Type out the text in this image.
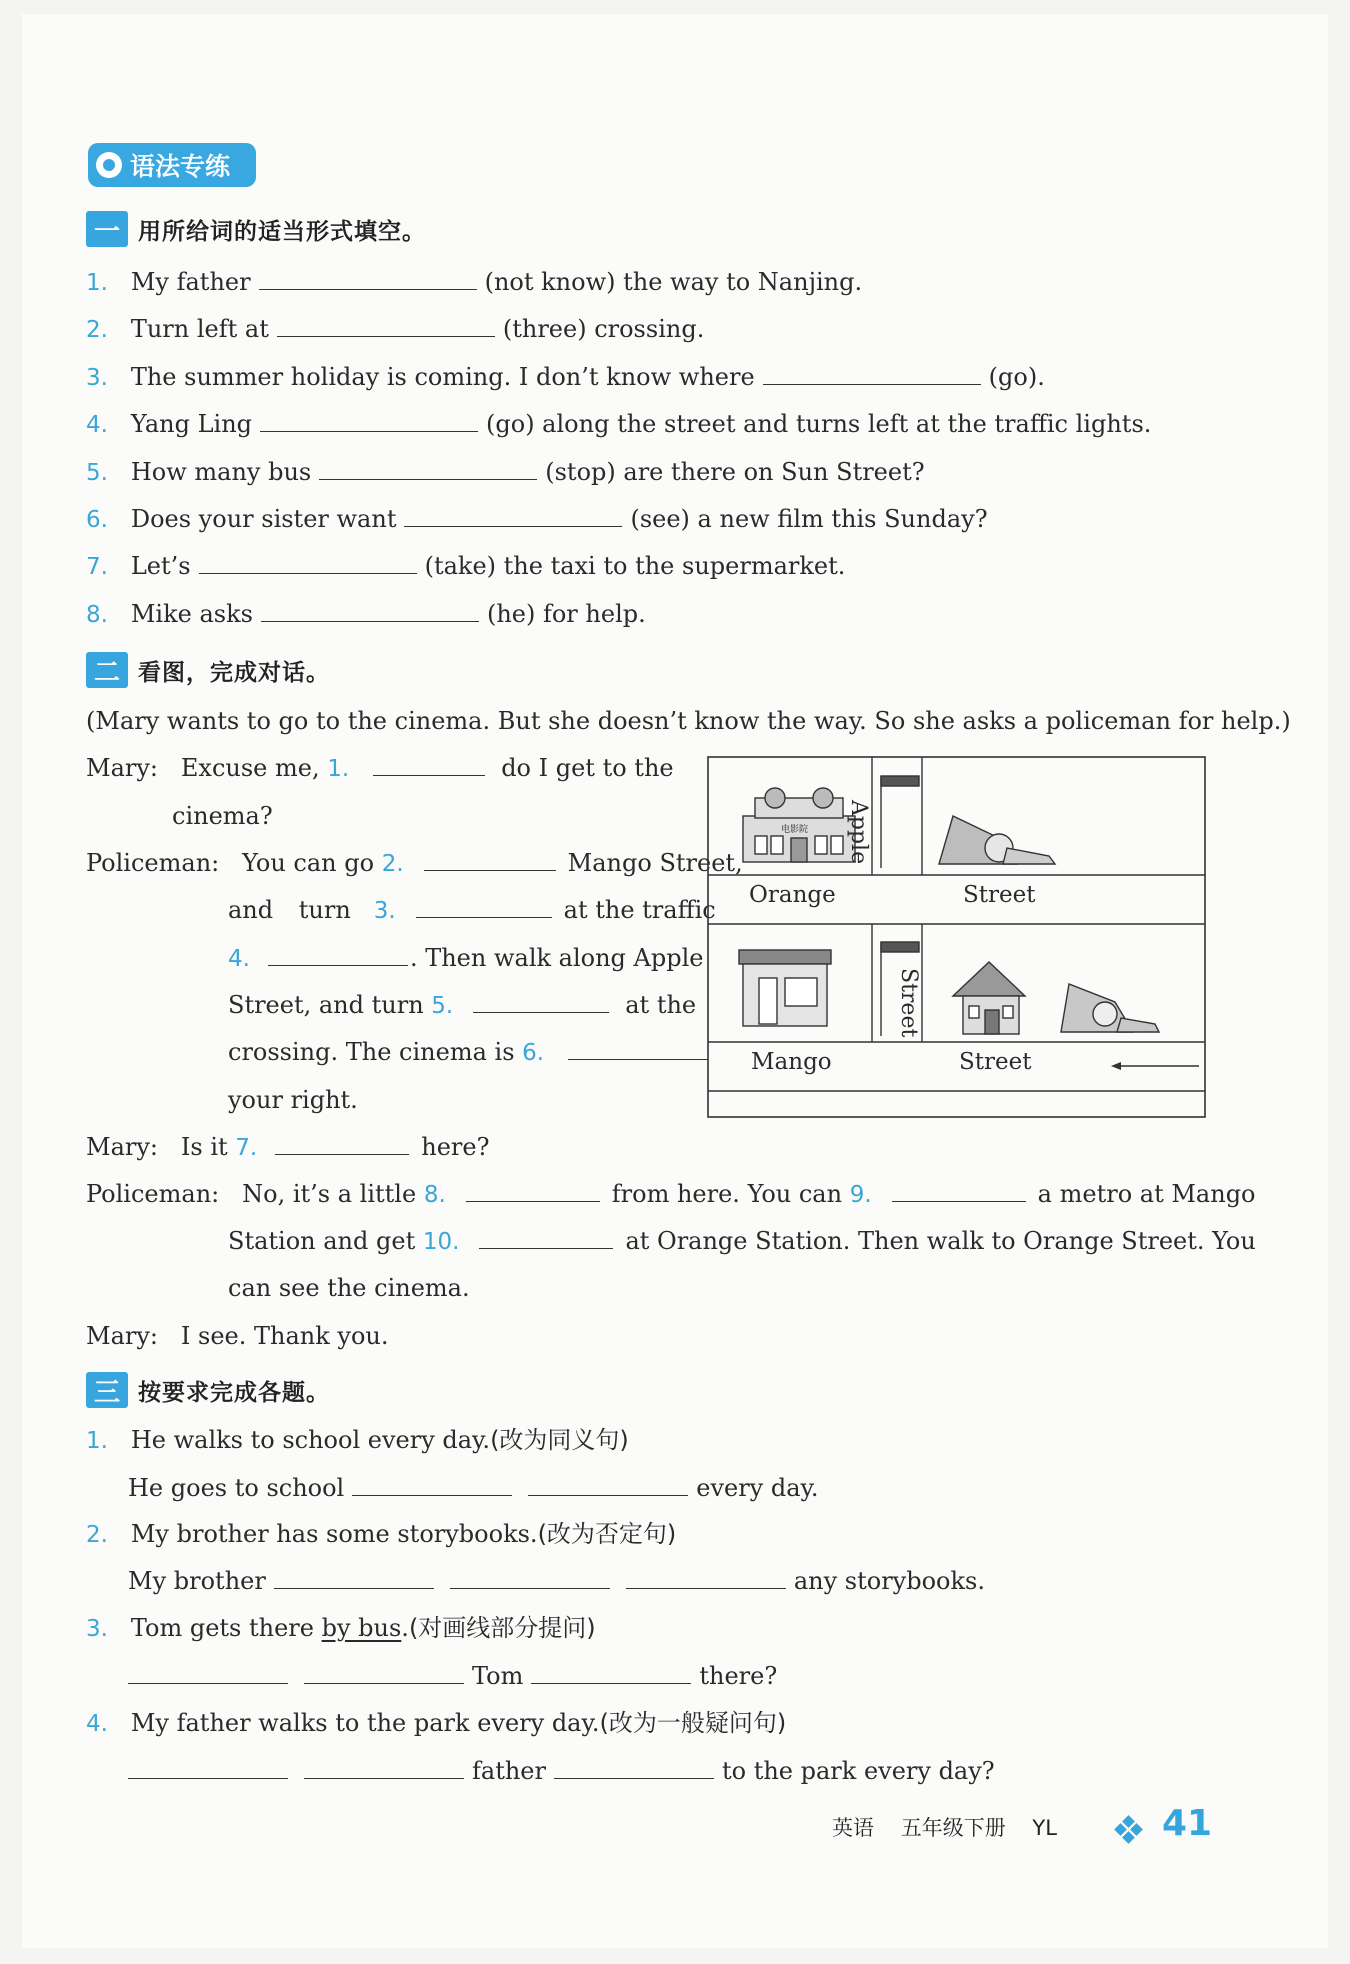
语法专练
一 用所给词的适当形式填空。
1. My father	(not know) the way to Nanjing.
2. Turn left at	(three) crossing.
3. The summer holiday is coming. I don’t know where	(go).
4. Yang Ling	(go) along the street and turns left at the traffic lights.
5. How many bus	(stop) are there on Sun Street?
6. Does your sister want	(see) a new film this Sunday?
7. Let’s	(take) the taxi to the supermarket.
8. Mike asks	(he) for help.
二 看图，完成对话。
(Mary wants to go to the cinema. But she doesn’t know the way. So she asks a policeman for help.)
Mary: Excuse me, 1.	do I get to the
cinema?
Policeman: You can go 2.	Mango Street,
and turn 3.	at the traffic
4.	. Then walk along Apple
Street, and turn 5.	at the
crossing. The cinema is 6.
your right.
Mary: Is it 7.	here?
Policeman: No, it’s a little 8.	from here. You can 9.	a metro at Mango
Station and get 10.	at Orange Station. Then walk to Orange Street. You
can see the cinema.
Mary: I see. Thank you.
Orange	Street
Mango	Street
Apple
Street
电影院
三 按要求完成各题。
1. He walks to school every day.(改为同义句)
He goes to school	every day.
2. My brother has some storybooks.(改为否定句)
My brother	any storybooks.
3. Tom gets there by bus.(对画线部分提问)
Tom	there?
4. My father walks to the park every day.(改为一般疑问句)
father	to the park every day?
英语 五年级下册 YL	41
